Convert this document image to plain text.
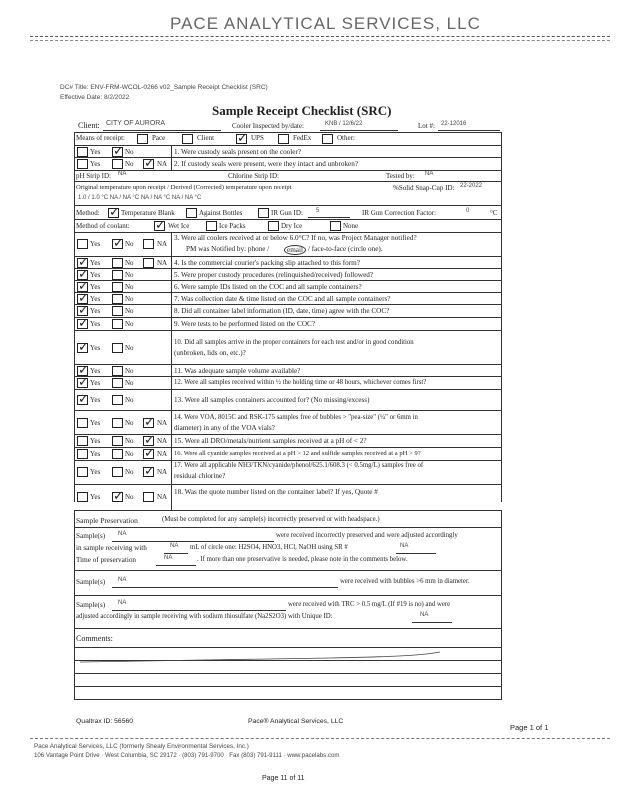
PACE ANALYTICAL SERVICES, LLC
DC# Title: ENV-FRM-WCOL-0266 v02_Sample Receipt Checklist (SRC)
Effective Date: 8/2/2022
Sample Receipt Checklist (SRC)
Client: CITY OF AURORA	Cooler Inspected by/date:	KNB / 12/6/22	Lot #: 22-12016
Means of receipt:	Pace	Client ✓ UPS	FedEx	Other:
Yes ✓ No	1. Were custody seals present on the cooler?
Yes	No ✓ NA 2. If custody seals were present, were they intact and unbroken?
pH Strip ID: NA	Chlorine Strip ID:	Tested by: NA
Original temperature upon receipt / Derived (Corrected) temperature upon receipt	%Solid Snap-Cup ID: 22-2022
1.0 / 1.0 °C NA / NA °C NA / NA °C NA / NA °C
Method: ✓ Temperature Blank	Against Bottles	IR Gun ID: 5	IR Gun Correction Factor:	0	°C
Method of coolant: ✓ Wet Ice	Ice Packs	Dry Ice	None
Yes ✓ No	NA
3. Were all coolers received at or below 6.0°C? If no, was Project Manager notified?
PM was Notified by: phone /	email / face-to-face (circle one).
✓ Yes	No	NA 4. Is the commercial courier's packing slip attached to this form?
✓ Yes	No	5. Were proper custody procedures (relinquished/received) followed?
✓ Yes	No	6. Were sample IDs listed on the COC and all sample containers?
✓ Yes	No	7. Was collection date & time listed on the COC and all sample containers?
✓ Yes	No	8. Did all container label information (ID, date, time) agree with the COC?
✓ Yes	No	9. Were tests to be performed listed on the COC?
✓ Yes	No
10. Did all samples arrive in the proper containers for each test and/or in good condition
(unbroken, lids on, etc.)?
✓ Yes	No	11. Was adequate sample volume available?
✓ Yes	No	12. Were all samples received within ½ the holding time or 48 hours, whichever comes first?
✓ Yes	No	13. Were all samples containers accounted for? (No missing/excess)
Yes	No ✓ NA
14. Were VOA, 8015C and RSK-175 samples free of bubbles > "pea-size" (¼" or 6mm in
diameter) in any of the VOA vials?
Yes	No ✓ NA 15. Were all DRO/metals/nutrient samples received at a pH of < 2?
Yes	No ✓ NA 16. Were all cyanide samples received at a pH > 12 and sulfide samples received at a pH > 9?
Yes	No ✓ NA
17. Were all applicable NH3/TKN/cyanide/phenol/625.1/608.3 (< 0.5mg/L) samples free of
residual chlorine?
Yes ✓ No	NA
18. Was the quote number listed on the container label? If yes, Quote #
Sample Preservation	(Must be completed for any sample(s) incorrectly preserved or with headspace.)
Sample(s) NA	were received incorrectly preserved and were adjusted accordingly
in sample receiving with	NA mL of circle one: H2SO4, HNO3, HCl, NaOH using SR #	NA
Time of preservation	NA	. If more than one preservative is needed, please note in the comments below.
Sample(s) NA	were received with bubbles >6 mm in diameter.
Sample(s) NA	were received with TRC > 0.5 mg/L (If #19 is no) and were
adjusted accordingly in sample receiving with sodium thiosulfate (Na2S2O3) with Unique ID:	NA
Comments:
Qualtrax ID: 56560	Pace® Analytical Services, LLC
Page 1 of 1
Pace Analytical Services, LLC (formerly Shealy Environmental Services, Inc.)
106 Vantage Point Drive · West Columbia, SC 29172 · (803) 791-9700 · Fax (803) 791-9111 · www.pacelabs.com
Page 11 of 11
